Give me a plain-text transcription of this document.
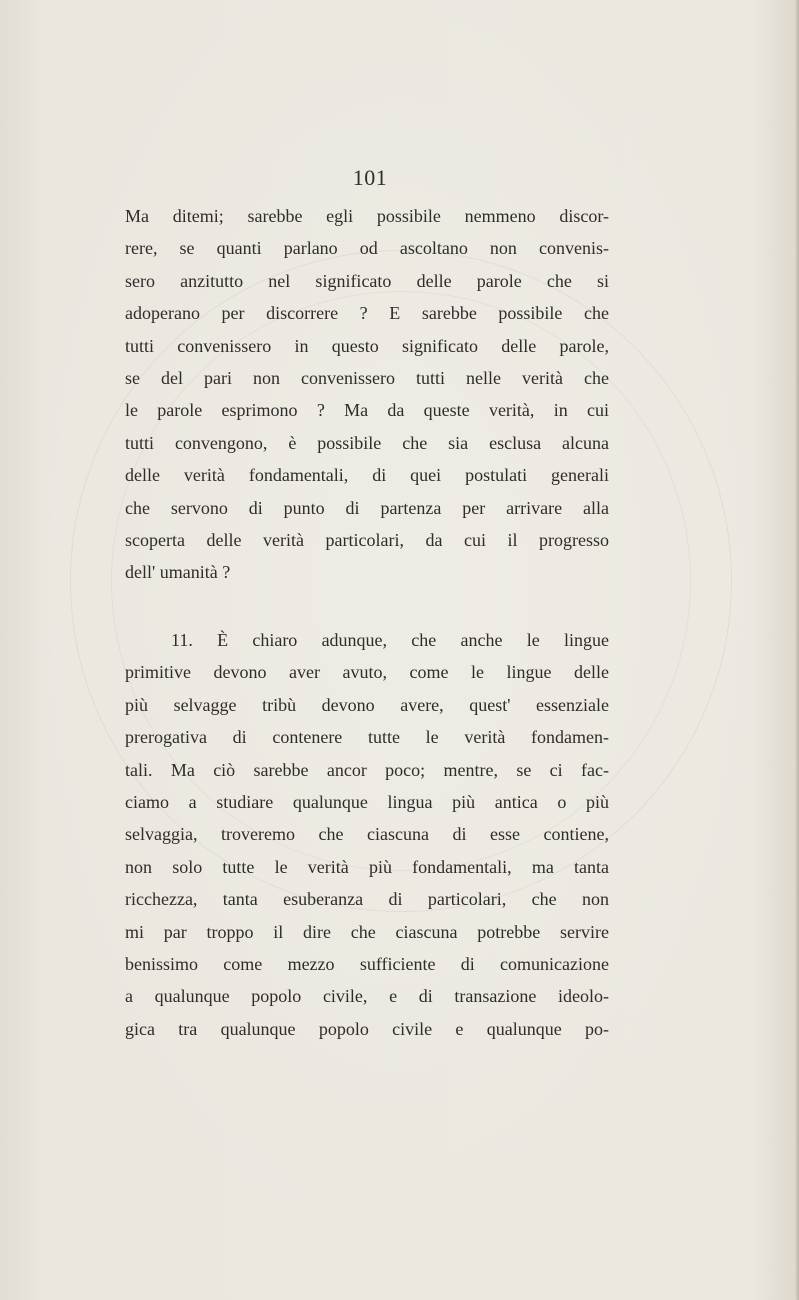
101
Ma ditemi; sarebbe egli possibile nemmeno discor-
rere, se quanti parlano od ascoltano non convenis-
sero anzitutto nel significato delle parole che si
adoperano per discorrere ? E sarebbe possibile che
tutti convenissero in questo significato delle parole,
se del pari non convenissero tutti nelle verità che
le parole esprimono ? Ma da queste verità, in cui
tutti convengono, è possibile che sia esclusa alcuna
delle verità fondamentali, di quei postulati generali
che servono di punto di partenza per arrivare alla
scoperta delle verità particolari, da cui il progresso
dell' umanità ?
11. È chiaro adunque, che anche le lingue
primitive devono aver avuto, come le lingue delle
più selvagge tribù devono avere, quest' essenziale
prerogativa di contenere tutte le verità fondamen-
tali. Ma ciò sarebbe ancor poco; mentre, se ci fac-
ciamo a studiare qualunque lingua più antica o più
selvaggia, troveremo che ciascuna di esse contiene,
non solo tutte le verità più fondamentali, ma tanta
ricchezza, tanta esuberanza di particolari, che non
mi par troppo il dire che ciascuna potrebbe servire
benissimo come mezzo sufficiente di comunicazione
a qualunque popolo civile, e di transazione ideolo-
gica tra qualunque popolo civile e qualunque po-
